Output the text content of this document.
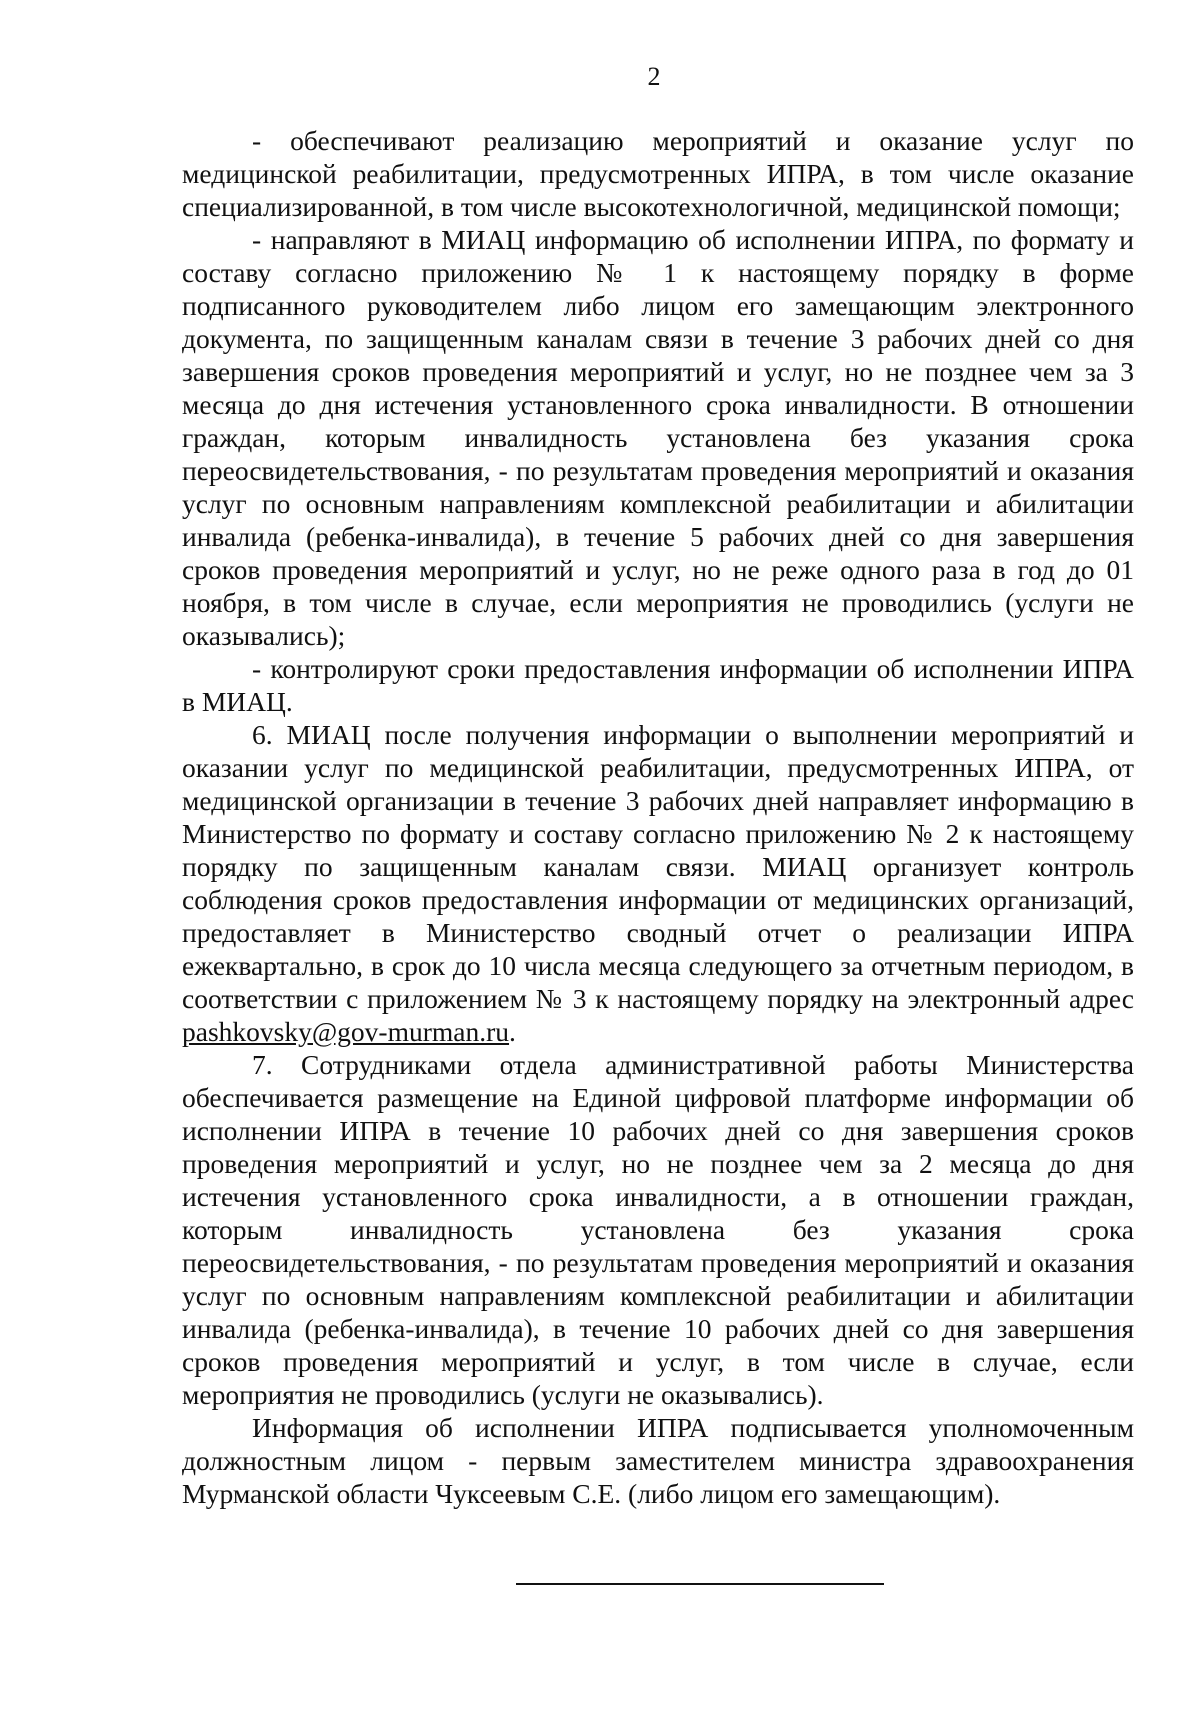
2

- обеспечивают реализацию мероприятий и оказание услуг по медицинской реабилитации, предусмотренных ИПРА, в том числе оказание специализированной, в том числе высокотехнологичной, медицинской помощи;

- направляют в МИАЦ информацию об исполнении ИПРА, по формату и составу согласно приложению № 1 к настоящему порядку в форме подписанного руководителем либо лицом его замещающим электронного документа, по защищенным каналам связи в течение 3 рабочих дней со дня завершения сроков проведения мероприятий и услуг, но не позднее чем за 3 месяца до дня истечения установленного срока инвалидности. В отношении граждан, которым инвалидность установлена без указания срока переосвидетельствования, - по результатам проведения мероприятий и оказания услуг по основным направлениям комплексной реабилитации и абилитации инвалида (ребенка-инвалида), в течение 5 рабочих дней со дня завершения сроков проведения мероприятий и услуг, но не реже одного раза в год до 01 ноября, в том числе в случае, если мероприятия не проводились (услуги не оказывались);

- контролируют сроки предоставления информации об исполнении ИПРА в МИАЦ.

6. МИАЦ после получения информации о выполнении мероприятий и оказании услуг по медицинской реабилитации, предусмотренных ИПРА, от медицинской организации в течение 3 рабочих дней направляет информацию в Министерство по формату и составу согласно приложению № 2 к настоящему порядку по защищенным каналам связи. МИАЦ организует контроль соблюдения сроков предоставления информации от медицинских организаций, предоставляет в Министерство сводный отчет о реализации ИПРА ежеквартально, в срок до 10 числа месяца следующего за отчетным периодом, в соответствии с приложением № 3 к настоящему порядку на электронный адрес pashkovsky@gov-murman.ru.

7. Сотрудниками отдела административной работы Министерства обеспечивается размещение на Единой цифровой платформе информации об исполнении ИПРА в течение 10 рабочих дней со дня завершения сроков проведения мероприятий и услуг, но не позднее чем за 2 месяца до дня истечения установленного срока инвалидности, а в отношении граждан, которым инвалидность установлена без указания срока переосвидетельствования, - по результатам проведения мероприятий и оказания услуг по основным направлениям комплексной реабилитации и абилитации инвалида (ребенка-инвалида), в течение 10 рабочих дней со дня завершения сроков проведения мероприятий и услуг, в том числе в случае, если мероприятия не проводились (услуги не оказывались).

Информация об исполнении ИПРА подписывается уполномоченным должностным лицом - первым заместителем министра здравоохранения Мурманской области Чуксеевым С.Е. (либо лицом его замещающим).
